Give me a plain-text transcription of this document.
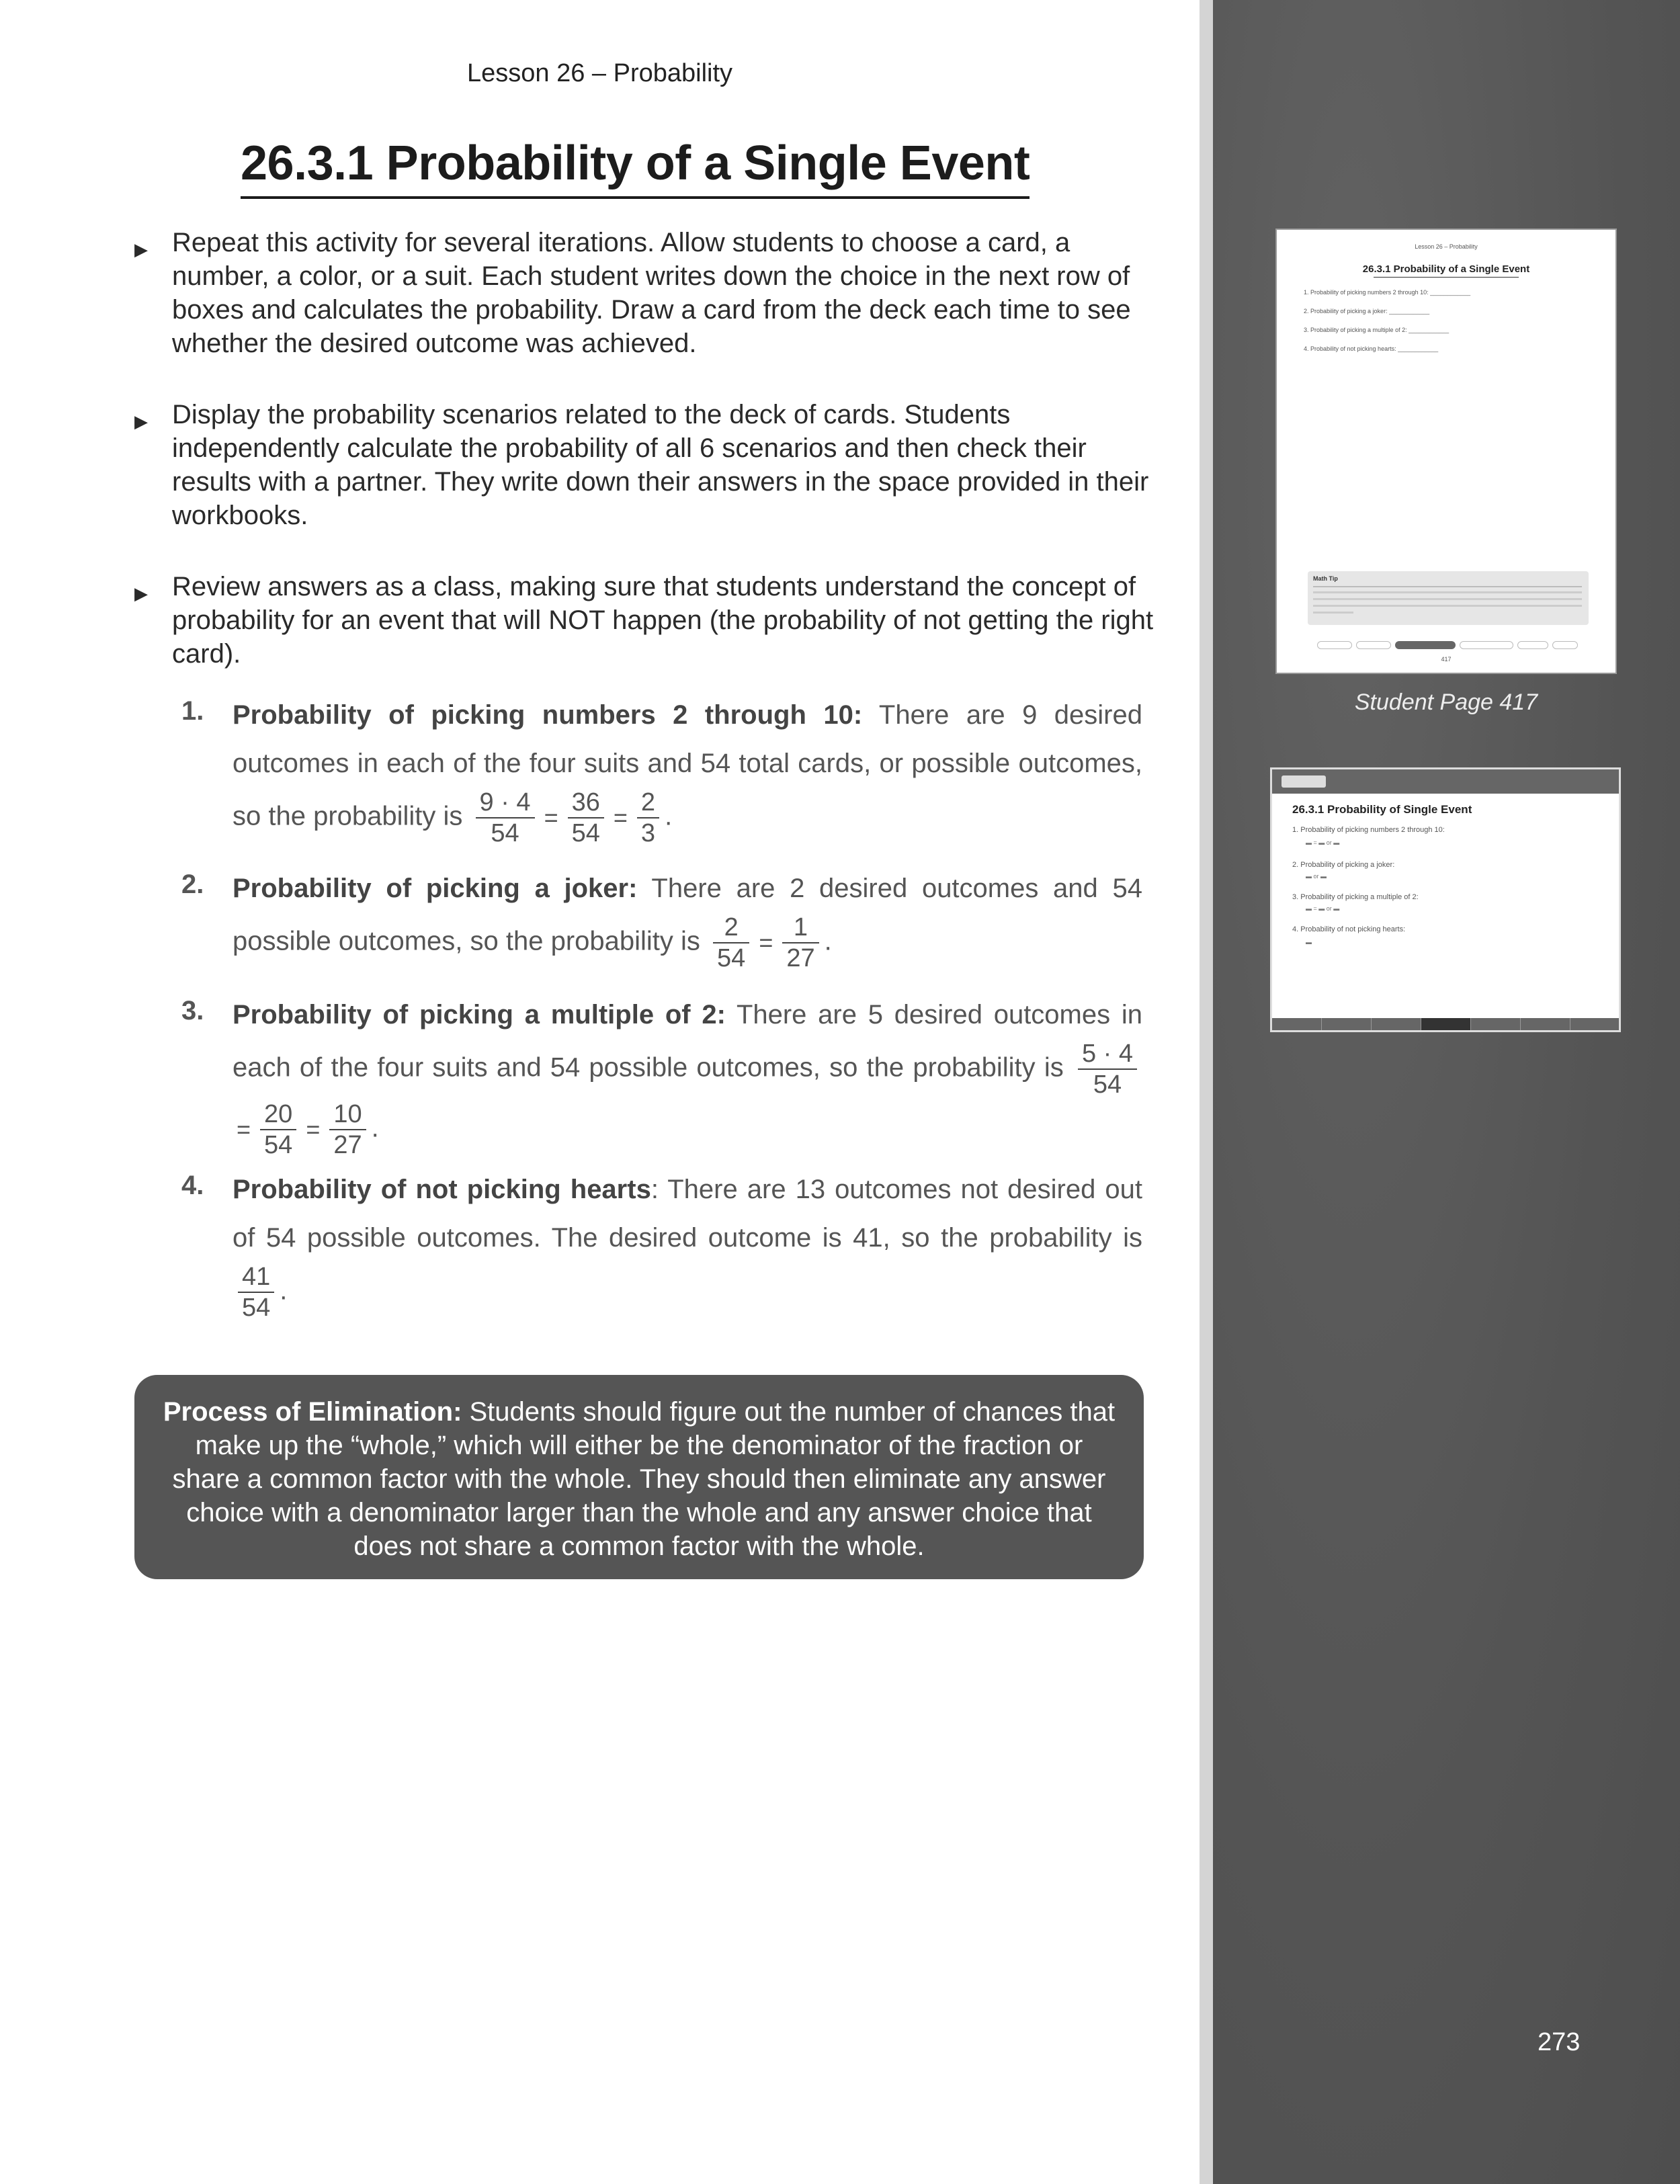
Lesson 26 – Probability
26.3.1 Probability of a Single Event
▶ Repeat this activity for several iterations. Allow students to choose a card, a number, a color, or a suit. Each student writes down the choice in the next row of boxes and calculates the probability. Draw a card from the deck each time to see whether the desired outcome was achieved.
▶ Display the probability scenarios related to the deck of cards. Students independently calculate the probability of all 6 scenarios and then check their results with a partner. They write down their answers in the space provided in their workbooks.
▶ Review answers as a class, making sure that students understand the concept of probability for an event that will NOT happen (the probability of not getting the right card).
1. Probability of picking numbers 2 through 10: There are 9 desired outcomes in each of the four suits and 54 total cards, or possible outcomes, so the probability is $\frac{9 \cdot 4}{54} = \frac{36}{54} = \frac{2}{3}$ .
2. Probability of picking a joker: There are 2 desired outcomes and 54 possible outcomes, so the probability is $\frac{2}{54} = \frac{1}{27}$ .
3. Probability of picking a multiple of 2: There are 5 desired outcomes in each of the four suits and 54 possible outcomes, so the probability is $\frac{5 \cdot 4}{54}$
= $\frac{20}{54} = \frac{10}{27}$ .
4. Probability of not picking hearts: There are 13 outcomes not desired out of 54 possible outcomes. The desired outcome is 41, so the probability is
$\frac{41}{54}$ .
Process of Elimination: Students should figure out the number of chances that make up the “whole,” which will either be the denominator of the fraction or share a common factor with the whole. They should then eliminate any answer choice with a denominator larger than the whole and any answer choice that does not share a common factor with the whole.
Lesson 26 – Probability
26.3.1 Probability of a Single Event
1. Probability of picking numbers 2 through 10: ____________
2. Probability of picking a joker: ____________
3. Probability of picking a multiple of 2: ____________
4. Probability of not picking hearts: ____________
Math Tip
417
Student Page 417
26.3.1 Probability of Single Event
1. Probability of picking numbers 2 through 10:
▬ = ▬ or ▬
2. Probability of picking a joker:
▬ or ▬
3. Probability of picking a multiple of 2:
▬ = ▬ or ▬
4. Probability of not picking hearts:
▬
273
